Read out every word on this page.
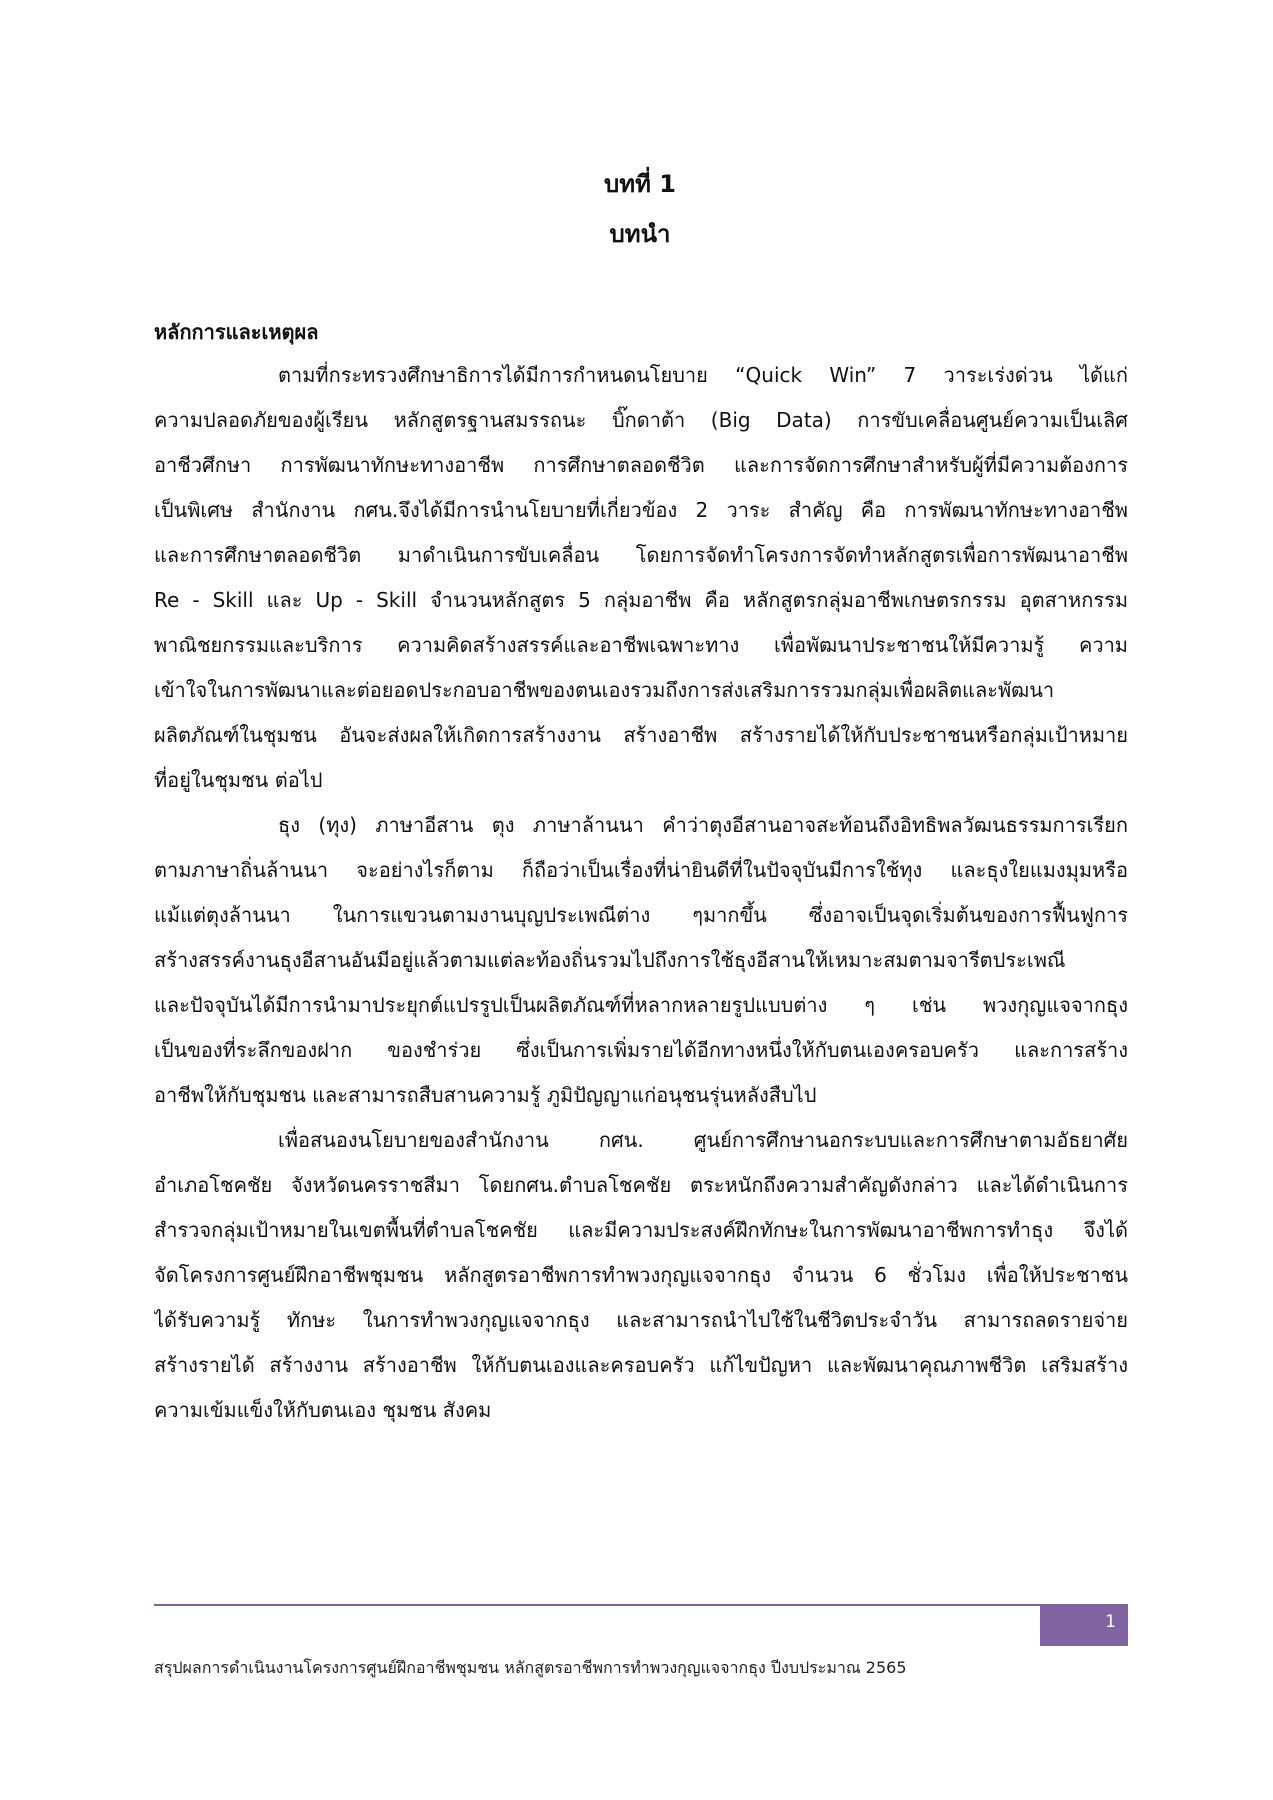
บทที่ 1
บทนำ
หลักการและเหตุผล
ตามที่กระทรวงศึกษาธิการได้มีการกำหนดนโยบาย “Quick Win” 7 วาระเร่งด่วน ได้แก่
ความปลอดภัยของผู้เรียน หลักสูตรฐานสมรรถนะ บิ๊กดาต้า (Big Data) การขับเคลื่อนศูนย์ความเป็นเลิศ
อาชีวศึกษา การพัฒนาทักษะทางอาชีพ การศึกษาตลอดชีวิต และการจัดการศึกษาสำหรับผู้ที่มีความต้องการ
เป็นพิเศษ สำนักงาน กศน.จึงได้มีการนำนโยบายที่เกี่ยวข้อง 2 วาระ สำคัญ คือ การพัฒนาทักษะทางอาชีพ
และการศึกษาตลอดชีวิต มาดำเนินการขับเคลื่อน โดยการจัดทำโครงการจัดทำหลักสูตรเพื่อการพัฒนาอาชีพ
Re - Skill และ Up - Skill จำนวนหลักสูตร 5 กลุ่มอาชีพ คือ หลักสูตรกลุ่มอาชีพเกษตรกรรม อุตสาหกรรม
พาณิชยกรรมและบริการ ความคิดสร้างสรรค์และอาชีพเฉพาะทาง เพื่อพัฒนาประชาชนให้มีความรู้ ความ
เข้าใจในการพัฒนาและต่อยอดประกอบอาชีพของตนเองรวมถึงการส่งเสริมการรวมกลุ่มเพื่อผลิตและพัฒนา
ผลิตภัณฑ์ในชุมชน อันจะส่งผลให้เกิดการสร้างงาน สร้างอาชีพ สร้างรายได้ให้กับประชาชนหรือกลุ่มเป้าหมาย
ที่อยู่ในชุมชน ต่อไป
ธุง (ทุง) ภาษาอีสาน ตุง ภาษาล้านนา คำว่าตุงอีสานอาจสะท้อนถึงอิทธิพลวัฒนธรรมการเรียก
ตามภาษาถิ่นล้านนา จะอย่างไรก็ตาม ก็ถือว่าเป็นเรื่องที่น่ายินดีที่ในปัจจุบันมีการใช้ทุง และธุงใยแมงมุมหรือ
แม้แต่ตุงล้านนา ในการแขวนตามงานบุญประเพณีต่าง ๆมากขึ้น ซึ่งอาจเป็นจุดเริ่มต้นของการฟื้นฟูการ
สร้างสรรค์งานธุงอีสานอันมีอยู่แล้วตามแต่ละท้องถิ่นรวมไปถึงการใช้ธุงอีสานให้เหมาะสมตามจารีตประเพณี
และปัจจุบันได้มีการนำมาประยุกต์แปรรูปเป็นผลิตภัณฑ์ที่หลากหลายรูปแบบต่าง ๆ เช่น พวงกุญแจจากธุง
เป็นของที่ระลึกของฝาก ของชำร่วย ซึ่งเป็นการเพิ่มรายได้อีกทางหนึ่งให้กับตนเองครอบครัว และการสร้าง
อาชีพให้กับชุมชน และสามารถสืบสานความรู้ ภูมิปัญญาแก่อนุชนรุ่นหลังสืบไป
เพื่อสนองนโยบายของสำนักงาน กศน. ศูนย์การศึกษานอกระบบและการศึกษาตามอัธยาศัย
อำเภอโชคชัย จังหวัดนครราชสีมา โดยกศน.ตำบลโชคชัย ตระหนักถึงความสำคัญดังกล่าว และได้ดำเนินการ
สำรวจกลุ่มเป้าหมายในเขตพื้นที่ตำบลโชคชัย และมีความประสงค์ฝึกทักษะในการพัฒนาอาชีพการทำธุง จึงได้
จัดโครงการศูนย์ฝึกอาชีพชุมชน หลักสูตรอาชีพการทำพวงกุญแจจากธุง จำนวน 6 ชั่วโมง เพื่อให้ประชาชน
ได้รับความรู้ ทักษะ ในการทำพวงกุญแจจากธุง และสามารถนำไปใช้ในชีวิตประจำวัน สามารถลดรายจ่าย
สร้างรายได้ สร้างงาน สร้างอาชีพ ให้กับตนเองและครอบครัว แก้ไขปัญหา และพัฒนาคุณภาพชีวิต เสริมสร้าง
ความเข้มแข็งให้กับตนเอง ชุมชน สังคม
1
สรุปผลการดำเนินงานโครงการศูนย์ฝึกอาชีพชุมชน หลักสูตรอาชีพการทำพวงกุญแจจากธุง ปีงบประมาณ 2565
